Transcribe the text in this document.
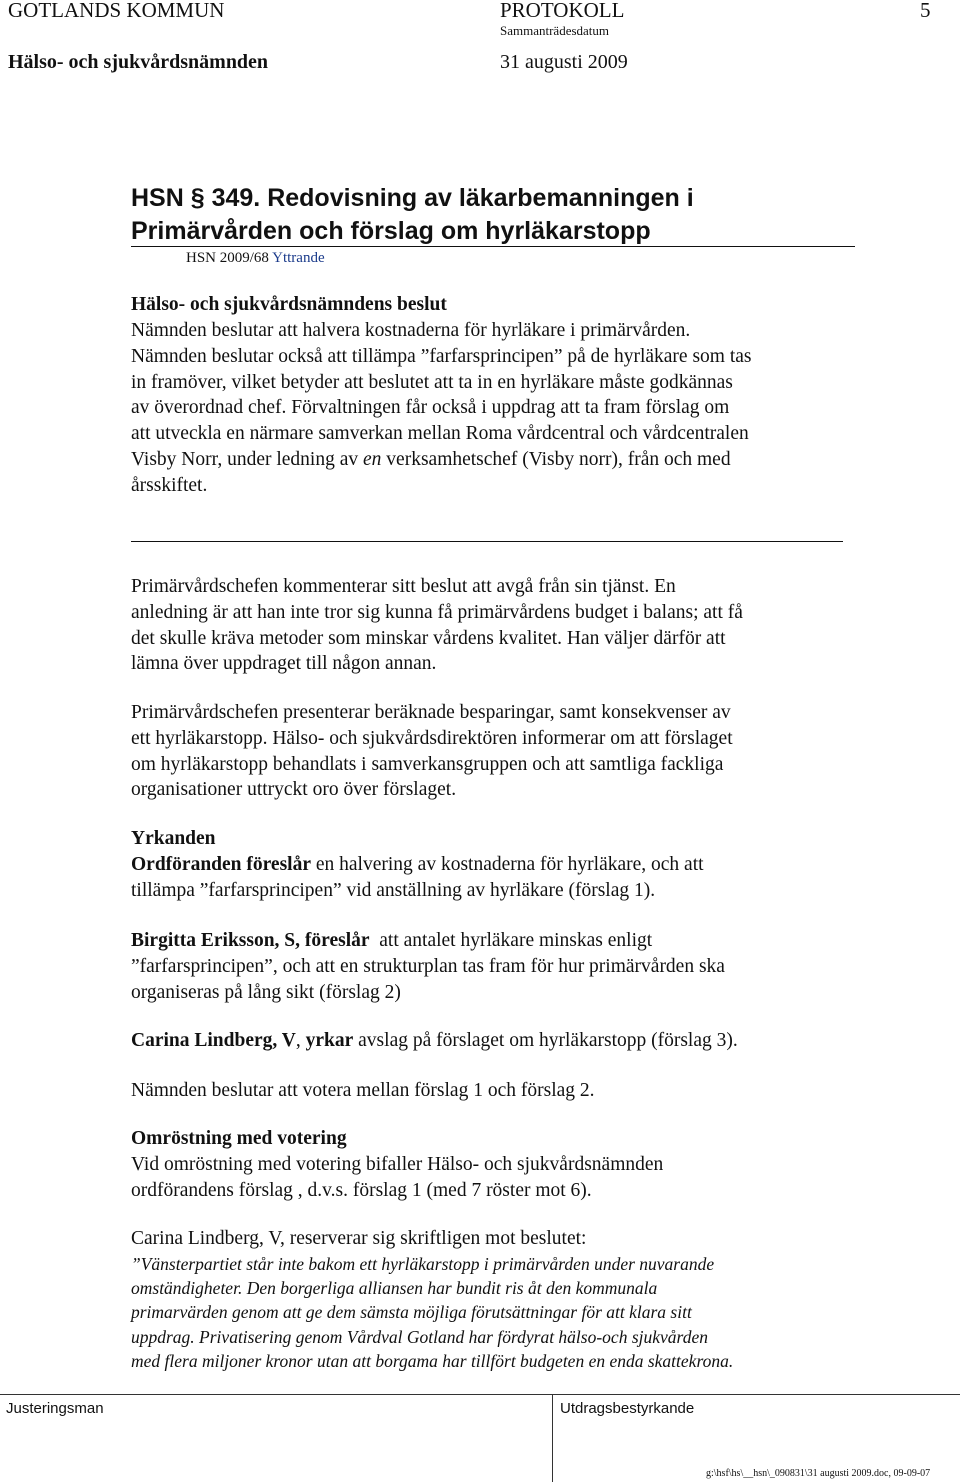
GOTLANDS KOMMUN	PROTOKOLL	5
Sammanträdesdatum
Hälso- och sjukvårdsnämnden	31 augusti 2009
HSN § 349. Redovisning av läkarbemanningen i
Primärvården och förslag om hyrläkarstopp
HSN 2009/68 Yttrande
Hälso- och sjukvårdsnämndens beslut
Nämnden beslutar att halvera kostnaderna för hyrläkare i primärvården.
Nämnden beslutar också att tillämpa ”farfarsprincipen” på de hyrläkare som tas
in framöver, vilket betyder att beslutet att ta in en hyrläkare måste godkännas
av överordnad chef. Förvaltningen får också i uppdrag att ta fram förslag om
att utveckla en närmare samverkan mellan Roma vårdcentral och vårdcentralen
Visby Norr, under ledning av en verksamhetschef (Visby norr), från och med
årsskiftet.
Primärvårdschefen kommenterar sitt beslut att avgå från sin tjänst. En
anledning är att han inte tror sig kunna få primärvårdens budget i balans; att få
det skulle kräva metoder som minskar vårdens kvalitet. Han väljer därför att
lämna över uppdraget till någon annan.
Primärvårdschefen presenterar beräknade besparingar, samt konsekvenser av
ett hyrläkarstopp. Hälso- och sjukvårdsdirektören informerar om att förslaget
om hyrläkarstopp behandlats i samverkansgruppen och att samtliga fackliga
organisationer uttryckt oro över förslaget.
Yrkanden
Ordföranden föreslår en halvering av kostnaderna för hyrläkare, och att
tillämpa ”farfarsprincipen” vid anställning av hyrläkare (förslag 1).
Birgitta Eriksson, S, föreslår  att antalet hyrläkare minskas enligt
”farfarsprincipen”, och att en strukturplan tas fram för hur primärvården ska
organiseras på lång sikt (förslag 2)
Carina Lindberg, V, yrkar avslag på förslaget om hyrläkarstopp (förslag 3).
Nämnden beslutar att votera mellan förslag 1 och förslag 2.
Omröstning med votering
Vid omröstning med votering bifaller Hälso- och sjukvårdsnämnden
ordförandens förslag , d.v.s. förslag 1 (med 7 röster mot 6).
Carina Lindberg, V, reserverar sig skriftligen mot beslutet:
”Vänsterpartiet står inte bakom ett hyrläkarstopp i primärvården under nuvarande
omständigheter. Den borgerliga alliansen har bundit ris åt den kommunala
primarvärden genom att ge dem sämsta möjliga förutsättningar för att klara sitt
uppdrag. Privatisering genom Vårdval Gotland har fördyrat hälso-och sjukvården
med flera miljoner kronor utan att borgama har tillfört budgeten en enda skattekrona.
Justeringsman	Utdragsbestyrkande
g:\hsf\hs\__hsn\_090831\31 augusti 2009.doc, 09-09-07
